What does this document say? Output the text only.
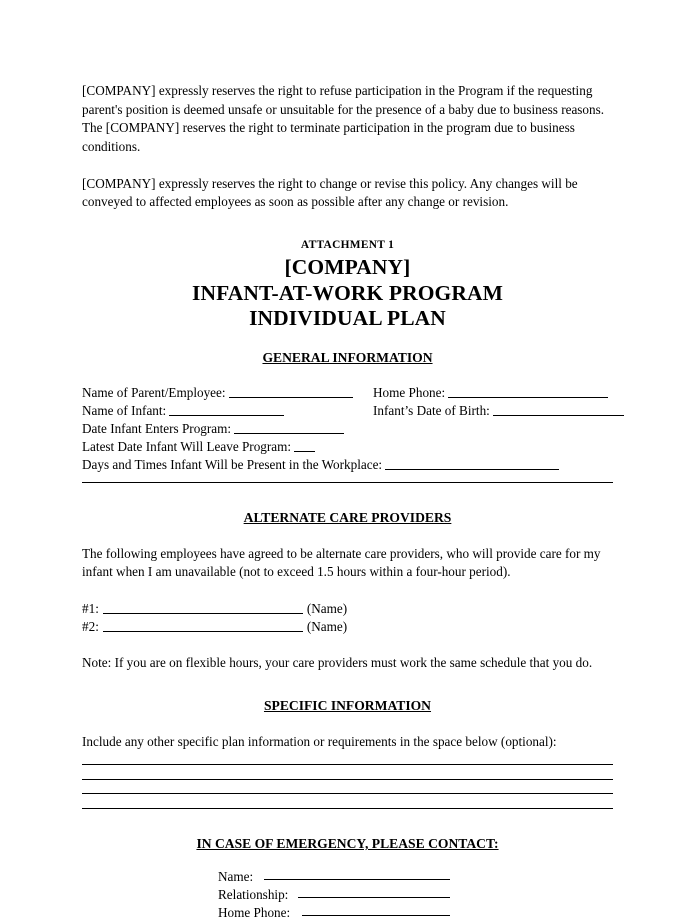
[COMPANY] expressly reserves the right to refuse participation in the Program if the requesting parent's position is deemed unsafe or unsuitable for the presence of a baby due to business reasons. The [COMPANY] reserves the right to terminate participation in the program due to business conditions.

[COMPANY] expressly reserves the right to change or revise this policy. Any changes will be conveyed to affected employees as soon as possible after any change or revision.

ATTACHMENT 1
[COMPANY]
INFANT-AT-WORK PROGRAM
INDIVIDUAL PLAN
GENERAL INFORMATION
Name of Parent/Employee:	Home Phone:
Name of Infant:	Infant’s Date of Birth:
Date Infant Enters Program:
Latest Date Infant Will Leave Program:
Days and Times Infant Will be Present in the Workplace:
ALTERNATE CARE PROVIDERS

The following employees have agreed to be alternate care providers, who will provide care for my infant when I am unavailable (not to exceed 1.5 hours within a four-hour period).

#1:	(Name)
#2:	(Name)

Note: If you are on flexible hours, your care providers must work the same schedule that you do.

SPECIFIC INFORMATION

Include any other specific plan information or requirements in the space below (optional):

IN CASE OF EMERGENCY, PLEASE CONTACT:
Name:
Relationship:
Home Phone:
